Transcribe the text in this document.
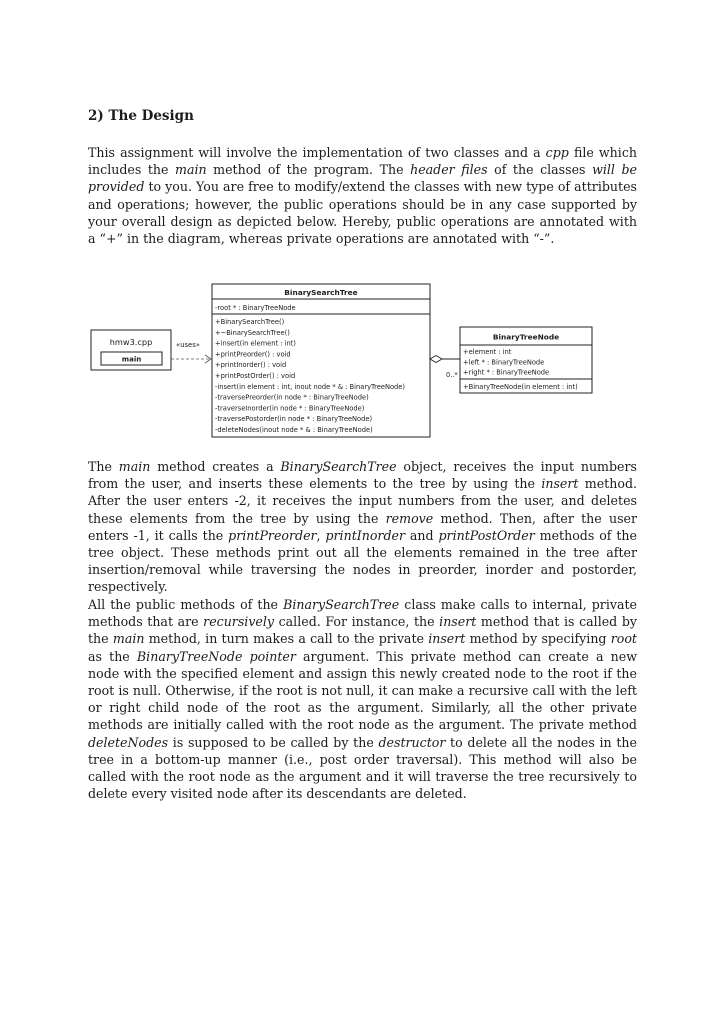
2) The Design

This assignment will involve the implementation of two classes and a cpp file which includes the main method of the program. The header files of the classes will be provided to you. You are free to modify/extend the classes with new type of attributes and operations; however, the public operations should be in any case supported by your overall design as depicted below. Hereby, public operations are annotated with a “+” in the diagram, whereas private operations are annotated with “-”.

BinarySearchTree
-root * : BinaryTreeNode
+BinarySearchTree()
+~BinarySearchTree()
+insert(in element : int)
+printPreorder() : void
+printInorder() : void
+printPostOrder() : void
-insert(in element : int, inout node * & : BinaryTreeNode)
-traversePreorder(in node * : BinaryTreeNode)
-traverseInorder(in node * : BinaryTreeNode)
-traversePostorder(in node * : BinaryTreeNode)
-deleteNodes(inout node * & : BinaryTreeNode)
hmw3.cpp
main
«uses»
0..*
BinaryTreeNode
+element : int
+left * : BinaryTreeNode
+right * : BinaryTreeNode
+BinaryTreeNode(in element : int)

The main method creates a BinarySearchTree object, receives the input numbers from the user, and inserts these elements to the tree by using the insert method. After the user enters -2, it receives the input numbers from the user, and deletes these elements from the tree by using the remove method. Then, after the user enters -1, it calls the printPreorder, printInorder and printPostOrder methods of the tree object. These methods print out all the elements remained in the tree after insertion/removal while traversing the nodes in preorder, inorder and postorder, respectively.

All the public methods of the BinarySearchTree class make calls to internal, private methods that are recursively called. For instance, the insert method that is called by the main method, in turn makes a call to the private insert method by specifying root as the BinaryTreeNode pointer argument. This private method can create a new node with the specified element and assign this newly created node to the root if the root is null. Otherwise, if the root is not null, it can make a recursive call with the left or right child node of the root as the argument. Similarly, all the other private methods are initially called with the root node as the argument. The private method deleteNodes is supposed to be called by the destructor to delete all the nodes in the tree in a bottom-up manner (i.e., post order traversal). This method will also be called with the root node as the argument and it will traverse the tree recursively to delete every visited node after its descendants are deleted.
